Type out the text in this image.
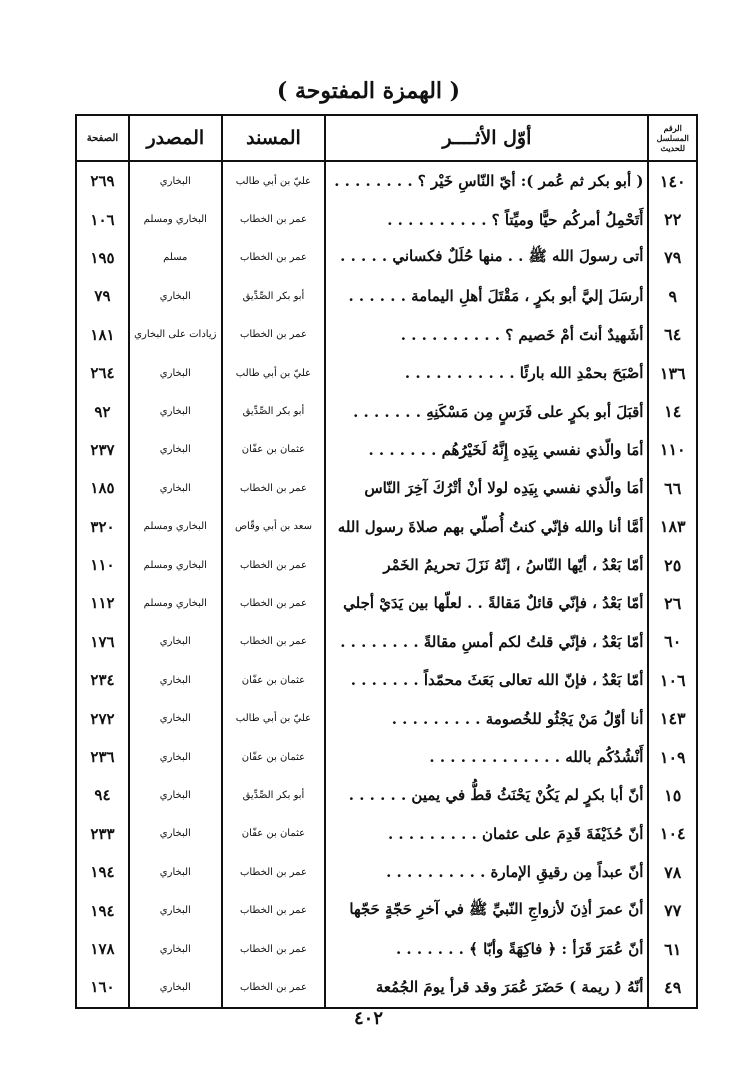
( الهمزة المفتوحة )
الرقم المسلسل للحديث	أوّل الأثــــر	المسند	المصدر	الصفحة
١٤٠	( أبو بكر ثم عُمر ): أيّ النّاسِ خَيْر ؟ . . . . . . . .	عليّ بن أبي طالب	البخاري	٢٦٩
٢٢	أَتَحْمِلُ أمركُم حيًّا وميِّتاً ؟ . . . . . . . . . .	عمر بن الخطاب	البخاري ومسلم	١٠٦
٧٩	أتى رسولَ الله ﷺ . . منها حُلَلٌ فكساني . . . . .	عمر بن الخطاب	مسلم	١٩٥
٩	أرسَلَ إليَّ أبو بكرٍ ، مَقْتَلَ أهلِ اليمامة . . . . . .	أبو بكر الصِّدِّيق	البخاري	٧٩
٦٤	أشَهيدٌ أنتَ أمْ خَصيم ؟ . . . . . . . . . .	عمر بن الخطاب	زيادات على البخاري	١٨١
١٣٦	أصْبَحَ بحمْدِ الله بارئًا . . . . . . . . . . .	عليّ بن أبي طالب	البخاري	٢٦٤
١٤	أقبَلَ أبو بكرٍ على فَرَسٍ مِن مَسْكَنِهِ . . . . . . .	أبو بكر الصِّدِّيق	البخاري	٩٢
١١٠	أمَا والّذي نفسي بِيَدِه إِنَّهُ لَخَيْرُهُم . . . . . . .	عثمان بن عفّان	البخاري	٢٣٧
٦٦	أمَا والّذي نفسي بِيَدِه لولا أنْ أتْرُكَ آخِرَ النّاس	عمر بن الخطاب	البخاري	١٨٥
١٨٣	أمَّا أنا والله فإنّي كنتُ أُصلّي بهم صلاةَ رسول الله	سعد بن أبي وقّاص	البخاري ومسلم	٣٢٠
٢٥	أمّا بَعْدُ ، أيّها النّاسُ ، إنّهُ نَزَلَ تحريمُ الخَمْر	عمر بن الخطاب	البخاري ومسلم	١١٠
٢٦	أمّا بَعْدُ ، فإنّي قائلٌ مَقالةً . . لعلّها بين يَدَيْ أجلي	عمر بن الخطاب	البخاري ومسلم	١١٢
٦٠	أمّا بَعْدُ ، فإنّي قلتُ لكم أمسِ مقالةً . . . . . . . .	عمر بن الخطاب	البخاري	١٧٦
١٠٦	أمّا بَعْدُ ، فإنّ الله تعالى بَعَثَ محمّداً . . . . . . .	عثمان بن عفّان	البخاري	٢٣٤
١٤٣	أنا أوّلُ مَنْ يَجْثُو للخُصومة . . . . . . . . .	عليّ بن أبي طالب	البخاري	٢٧٢
١٠٩	أَنْشُدُكُم بالله . . . . . . . . . . . . .	عثمان بن عفّان	البخاري	٢٣٦
١٥	أنّ أبا بكرٍ لم يَكُنْ يَحْنَثُ قطُّ في يمين . . . . . .	أبو بكر الصِّدِّيق	البخاري	٩٤
١٠٤	أنّ حُذَيْفَةَ قَدِمَ على عثمان . . . . . . . . .	عثمان بن عفّان	البخاري	٢٣٣
٧٨	أنّ عبداً مِن رقيقِ الإمارة . . . . . . . . . .	عمر بن الخطاب	البخاري	١٩٤
٧٧	أنّ عمرَ أذِنَ لأزواجِ النّبيِّ ﷺ في آخرِ حَجّةٍ حَجّها	عمر بن الخطاب	البخاري	١٩٤
٦١	أنّ عُمَرَ قَرَأ : ﴿ فاكِهَةً وأبّا ﴾ . . . . . . .	عمر بن الخطاب	البخاري	١٧٨
٤٩	أنّهُ ( ريمة ) حَضَرَ عُمَرَ وقد قرأ يومَ الجُمُعة	عمر بن الخطاب	البخاري	١٦٠
٤٠٢
